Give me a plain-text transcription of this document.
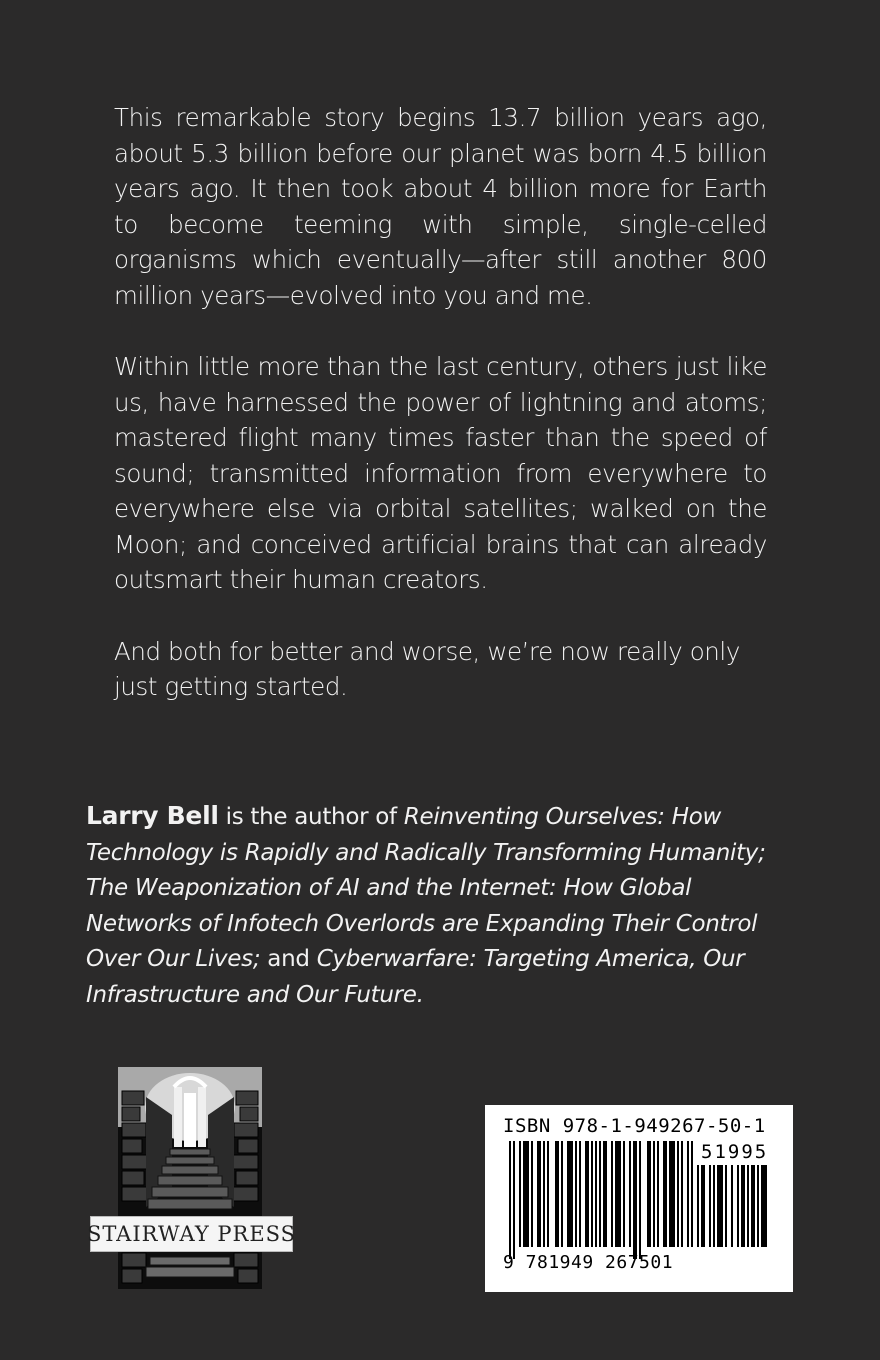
This remarkable story begins 13.7 billion years ago, about 5.3 billion before our planet was born 4.5 billion years ago. It then took about 4 billion more for Earth to become teeming with simple, single-celled organisms which eventually—after still another 800 million years—evolved into you and me.

Within little more than the last century, others just like us, have harnessed the power of lightning and atoms; mastered flight many times faster than the speed of sound; transmitted information from everywhere to everywhere else via orbital satellites; walked on the Moon; and conceived artificial brains that can already outsmart their human creators.

And both for better and worse, we’re now really only just getting started.

Larry Bell is the author of Reinventing Ourselves: How Technology is Rapidly and Radically Transforming Humanity; The Weaponization of AI and the Internet: How Global Networks of Infotech Overlords are Expanding Their Control Over Our Lives; and Cyberwarfare: Targeting America, Our Infrastructure and Our Future.
STAIRWAY PRESS
ISBN 978-1-949267-50-1
51995
9 781949 267501
